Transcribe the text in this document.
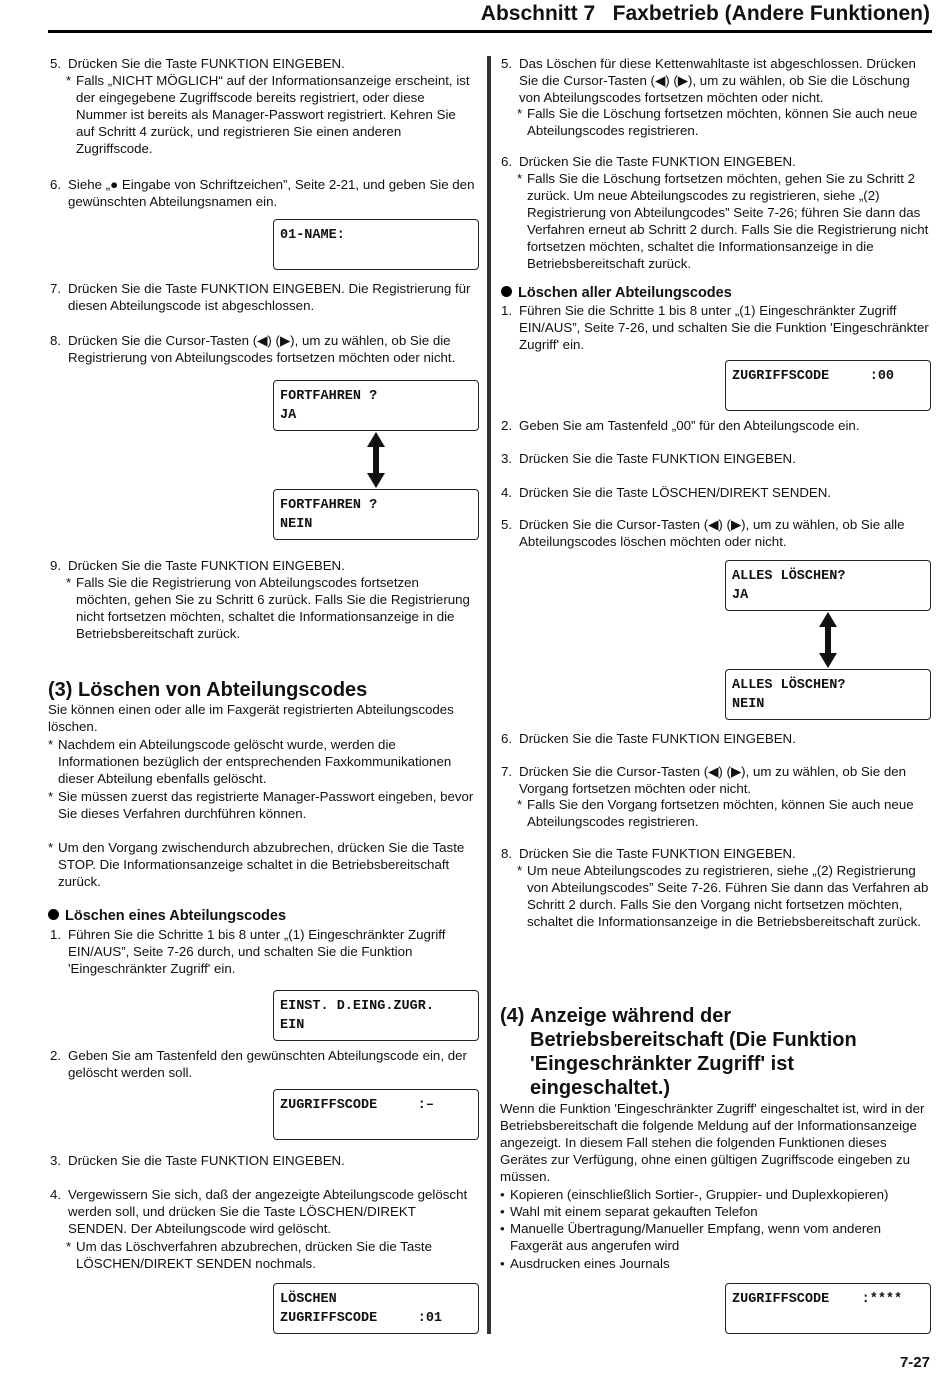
Abschnitt 7   Faxbetrieb (Andere Funktionen)
5. Drücken Sie die Taste FUNKTION EINGEBEN.
* Falls „NICHT MÖGLICH“ auf der Informationsanzeige erscheint, ist der eingegebene Zugriffscode bereits registriert, oder diese Nummer ist bereits als Manager-Passwort registriert. Kehren Sie auf Schritt 4 zurück, und registrieren Sie einen anderen Zugriffscode.
6. Siehe „● Eingabe von Schriftzeichen”, Seite 2-21, und geben Sie den gewünschten Abteilungsnamen ein.
01-NAME:
7. Drücken Sie die Taste FUNKTION EINGEBEN. Die Registrierung für diesen Abteilungscode ist abgeschlossen.
8. Drücken Sie die Cursor-Tasten (◀) (▶), um zu wählen, ob Sie die Registrierung von Abteilungscodes fortsetzen möchten oder nicht.
FORTFAHREN ?
JA
FORTFAHREN ?
NEIN
9. Drücken Sie die Taste FUNKTION EINGEBEN.
* Falls Sie die Registrierung von Abteilungscodes fortsetzen möchten, gehen Sie zu Schritt 6 zurück. Falls Sie die Registrierung nicht fortsetzen möchten, schaltet die Informationsanzeige in die Betriebsbereitschaft zurück.
(3) Löschen von Abteilungscodes
Sie können einen oder alle im Faxgerät registrierten Abteilungscodes löschen.
* Nachdem ein Abteilungscode gelöscht wurde, werden die Informationen bezüglich der entsprechenden Faxkommunikationen dieser Abteilung ebenfalls gelöscht.
* Sie müssen zuerst das registrierte Manager-Passwort eingeben, bevor Sie dieses Verfahren durchführen können.
* Um den Vorgang zwischendurch abzubrechen, drücken Sie die Taste STOP. Die Informationsanzeige schaltet in die Betriebsbereitschaft zurück.
Löschen eines Abteilungscodes
1. Führen Sie die Schritte 1 bis 8 unter „(1) Eingeschränkter Zugriff EIN/AUS”, Seite 7-26 durch, und schalten Sie die Funktion 'Eingeschränkter Zugriff' ein.
EINST. D.EING.ZUGR.
EIN
2. Geben Sie am Tastenfeld den gewünschten Abteilungscode ein, der gelöscht werden soll.
ZUGRIFFSCODE     :–
3. Drücken Sie die Taste FUNKTION EINGEBEN.
4. Vergewissern Sie sich, daß der angezeigte Abteilungscode gelöscht werden soll, und drücken Sie die Taste LÖSCHEN/DIREKT SENDEN. Der Abteilungscode wird gelöscht.
* Um das Löschverfahren abzubrechen, drücken Sie die Taste LÖSCHEN/DIREKT SENDEN nochmals.
LÖSCHEN
ZUGRIFFSCODE     :01
5. Das Löschen für diese Kettenwahltaste ist abgeschlossen. Drücken Sie die Cursor-Tasten (◀) (▶), um zu wählen, ob Sie die Löschung von Abteilungscodes fortsetzen möchten oder nicht.
* Falls Sie die Löschung fortsetzen möchten, können Sie auch neue Abteilungscodes registrieren.
6. Drücken Sie die Taste FUNKTION EINGEBEN.
* Falls Sie die Löschung fortsetzen möchten, gehen Sie zu Schritt 2 zurück. Um neue Abteilungscodes zu registrieren, siehe „(2) Registrierung von Abteilungcodes” Seite 7-26; führen Sie dann das Verfahren erneut ab Schritt 2 durch. Falls Sie die Registrierung nicht fortsetzen möchten, schaltet die Informationsanzeige in die Betriebsbereitschaft zurück.
Löschen aller Abteilungscodes
1. Führen Sie die Schritte 1 bis 8 unter „(1) Eingeschränkter Zugriff EIN/AUS”, Seite 7-26, und schalten Sie die Funktion 'Eingeschränkter Zugriff' ein.
ZUGRIFFSCODE     :00
2. Geben Sie am Tastenfeld „00” für den Abteilungscode ein.
3. Drücken Sie die Taste FUNKTION EINGEBEN.
4. Drücken Sie die Taste LÖSCHEN/DIREKT SENDEN.
5. Drücken Sie die Cursor-Tasten (◀) (▶), um zu wählen, ob Sie alle Abteilungscodes löschen möchten oder nicht.
ALLES LÖSCHEN?
JA
ALLES LÖSCHEN?
NEIN
6. Drücken Sie die Taste FUNKTION EINGEBEN.
7. Drücken Sie die Cursor-Tasten (◀) (▶), um zu wählen, ob Sie den Vorgang fortsetzen möchten oder nicht.
* Falls Sie den Vorgang fortsetzen möchten, können Sie auch neue Abteilungscodes registrieren.
8. Drücken Sie die Taste FUNKTION EINGEBEN.
* Um neue Abteilungscodes zu registrieren, siehe „(2) Registrierung von Abteilungscodes” Seite 7-26. Führen Sie dann das Verfahren ab Schritt 2 durch. Falls Sie den Vorgang nicht fortsetzen möchten, schaltet die Informationsanzeige in die Betriebsbereitschaft zurück.
(4) Anzeige während der Betriebsbereitschaft (Die Funktion 'Eingeschränkter Zugriff' ist eingeschaltet.)
Wenn die Funktion 'Eingeschränkter Zugriff' eingeschaltet ist, wird in der Betriebsbereitschaft die folgende Meldung auf der Informationsanzeige angezeigt. In diesem Fall stehen die folgenden Funktionen dieses Gerätes zur Verfügung, ohne einen gültigen Zugriffscode eingeben zu müssen.
• Kopieren (einschließlich Sortier-, Gruppier- und Duplexkopieren)
• Wahl mit einem separat gekauften Telefon
• Manuelle Übertragung/Manueller Empfang, wenn vom anderen Faxgerät aus angerufen wird
• Ausdrucken eines Journals
ZUGRIFFSCODE    :****
7-27
